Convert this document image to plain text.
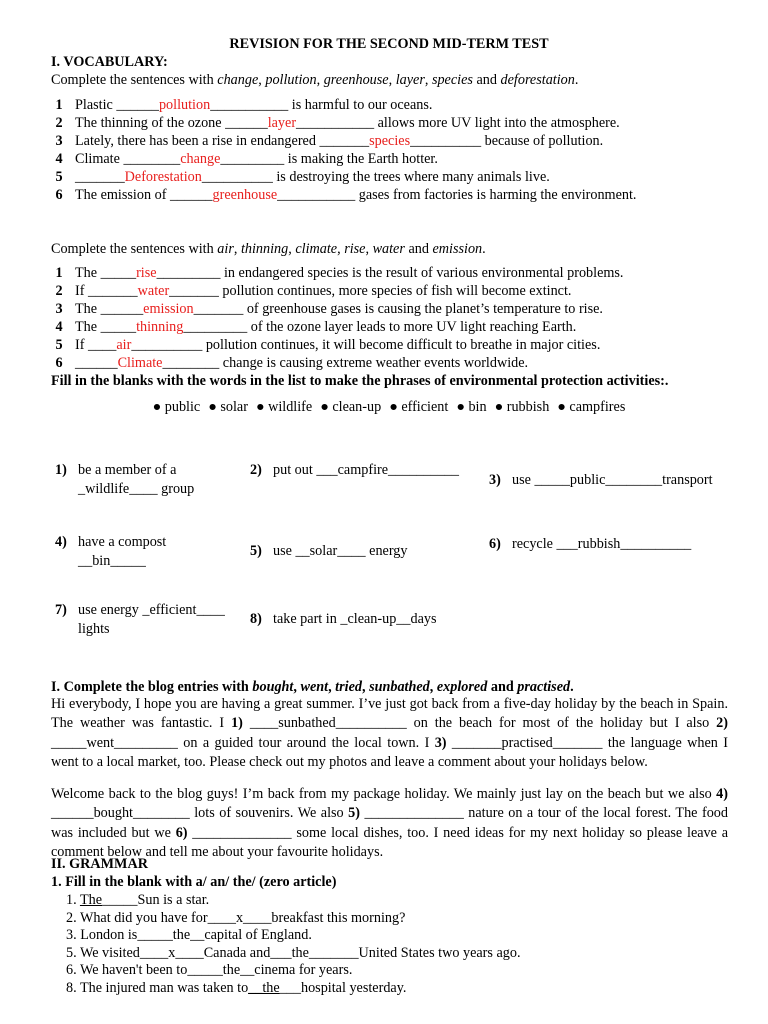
REVISION FOR THE SECOND MID-TERM TEST
I. VOCABULARY:
Complete the sentences with change, pollution, greenhouse, layer, species and deforestation.
1 Plastic ______pollution___________ is harmful to our oceans.
2 The thinning of the ozone ______layer___________ allows more UV light into the atmosphere.
3 Lately, there has been a rise in endangered _______species__________ because of pollution.
4 Climate ________change_________ is making the Earth hotter.
5 _______Deforestation__________ is destroying the trees where many animals live.
6 The emission of ______greenhouse___________ gases from factories is harming the environment.
Complete the sentences with air, thinning, climate, rise, water and emission.
1 The _____rise_________ in endangered species is the result of various environmental problems.
2 If _______water_______ pollution continues, more species of fish will become extinct.
3 The ______emission_______ of greenhouse gases is causing the planet’s temperature to rise.
4 The _____thinning_________ of the ozone layer leads to more UV light reaching Earth.
5 If ____air__________ pollution continues, it will become difficult to breathe in major cities.
6 ______Climate________ change is causing extreme weather events worldwide.
Fill in the blanks with the words in the list to make the phrases of environmental protection activities:.
● public ● solar ● wildlife ● clean-up ● efficient ● bin ● rubbish ● campfires
1) be a member of a
_wildlife____ group
2) put out ___campfire__________
3) use _____public________transport
4) have a compost
__bin_____
5) use __solar____ energy	6) recycle ___rubbish__________
7) use energy _efficient____
lights
8) take part in _clean-up__days
I. Complete the blog entries with bought, went, tried, sunbathed, explored and practised.
Hi everybody, I hope you are having a great summer. I’ve just got back from a five-day holiday by the beach in Spain. The weather was fantastic. I 1) ____sunbathed__________ on the beach for most of the holiday but I also 2) _____went_________ on a guided tour around the local town. I 3) _______practised_______ the language when I went to a local market, too. Please check out my photos and leave a comment about your holidays below.
Welcome back to the blog guys! I’m back from my package holiday. We mainly just lay on the beach but we also 4) ______bought________ lots of souvenirs. We also 5) ______________ nature on a tour of the local forest. The food was included but we 6) ______________ some local dishes, too. I need ideas for my next holiday so please leave a comment below and tell me about your favourite holidays.
II. GRAMMAR
1. Fill in the blank with a/ an/ the/ (zero article)
1. The_____Sun is a star.
2. What did you have for____x____breakfast this morning?
3. London is_____the__capital of England.
5. We visited____x____Canada and___the_______United States two years ago.
6. We haven't been to_____the__cinema for years.
8. The injured man was taken to__the___hospital yesterday.
